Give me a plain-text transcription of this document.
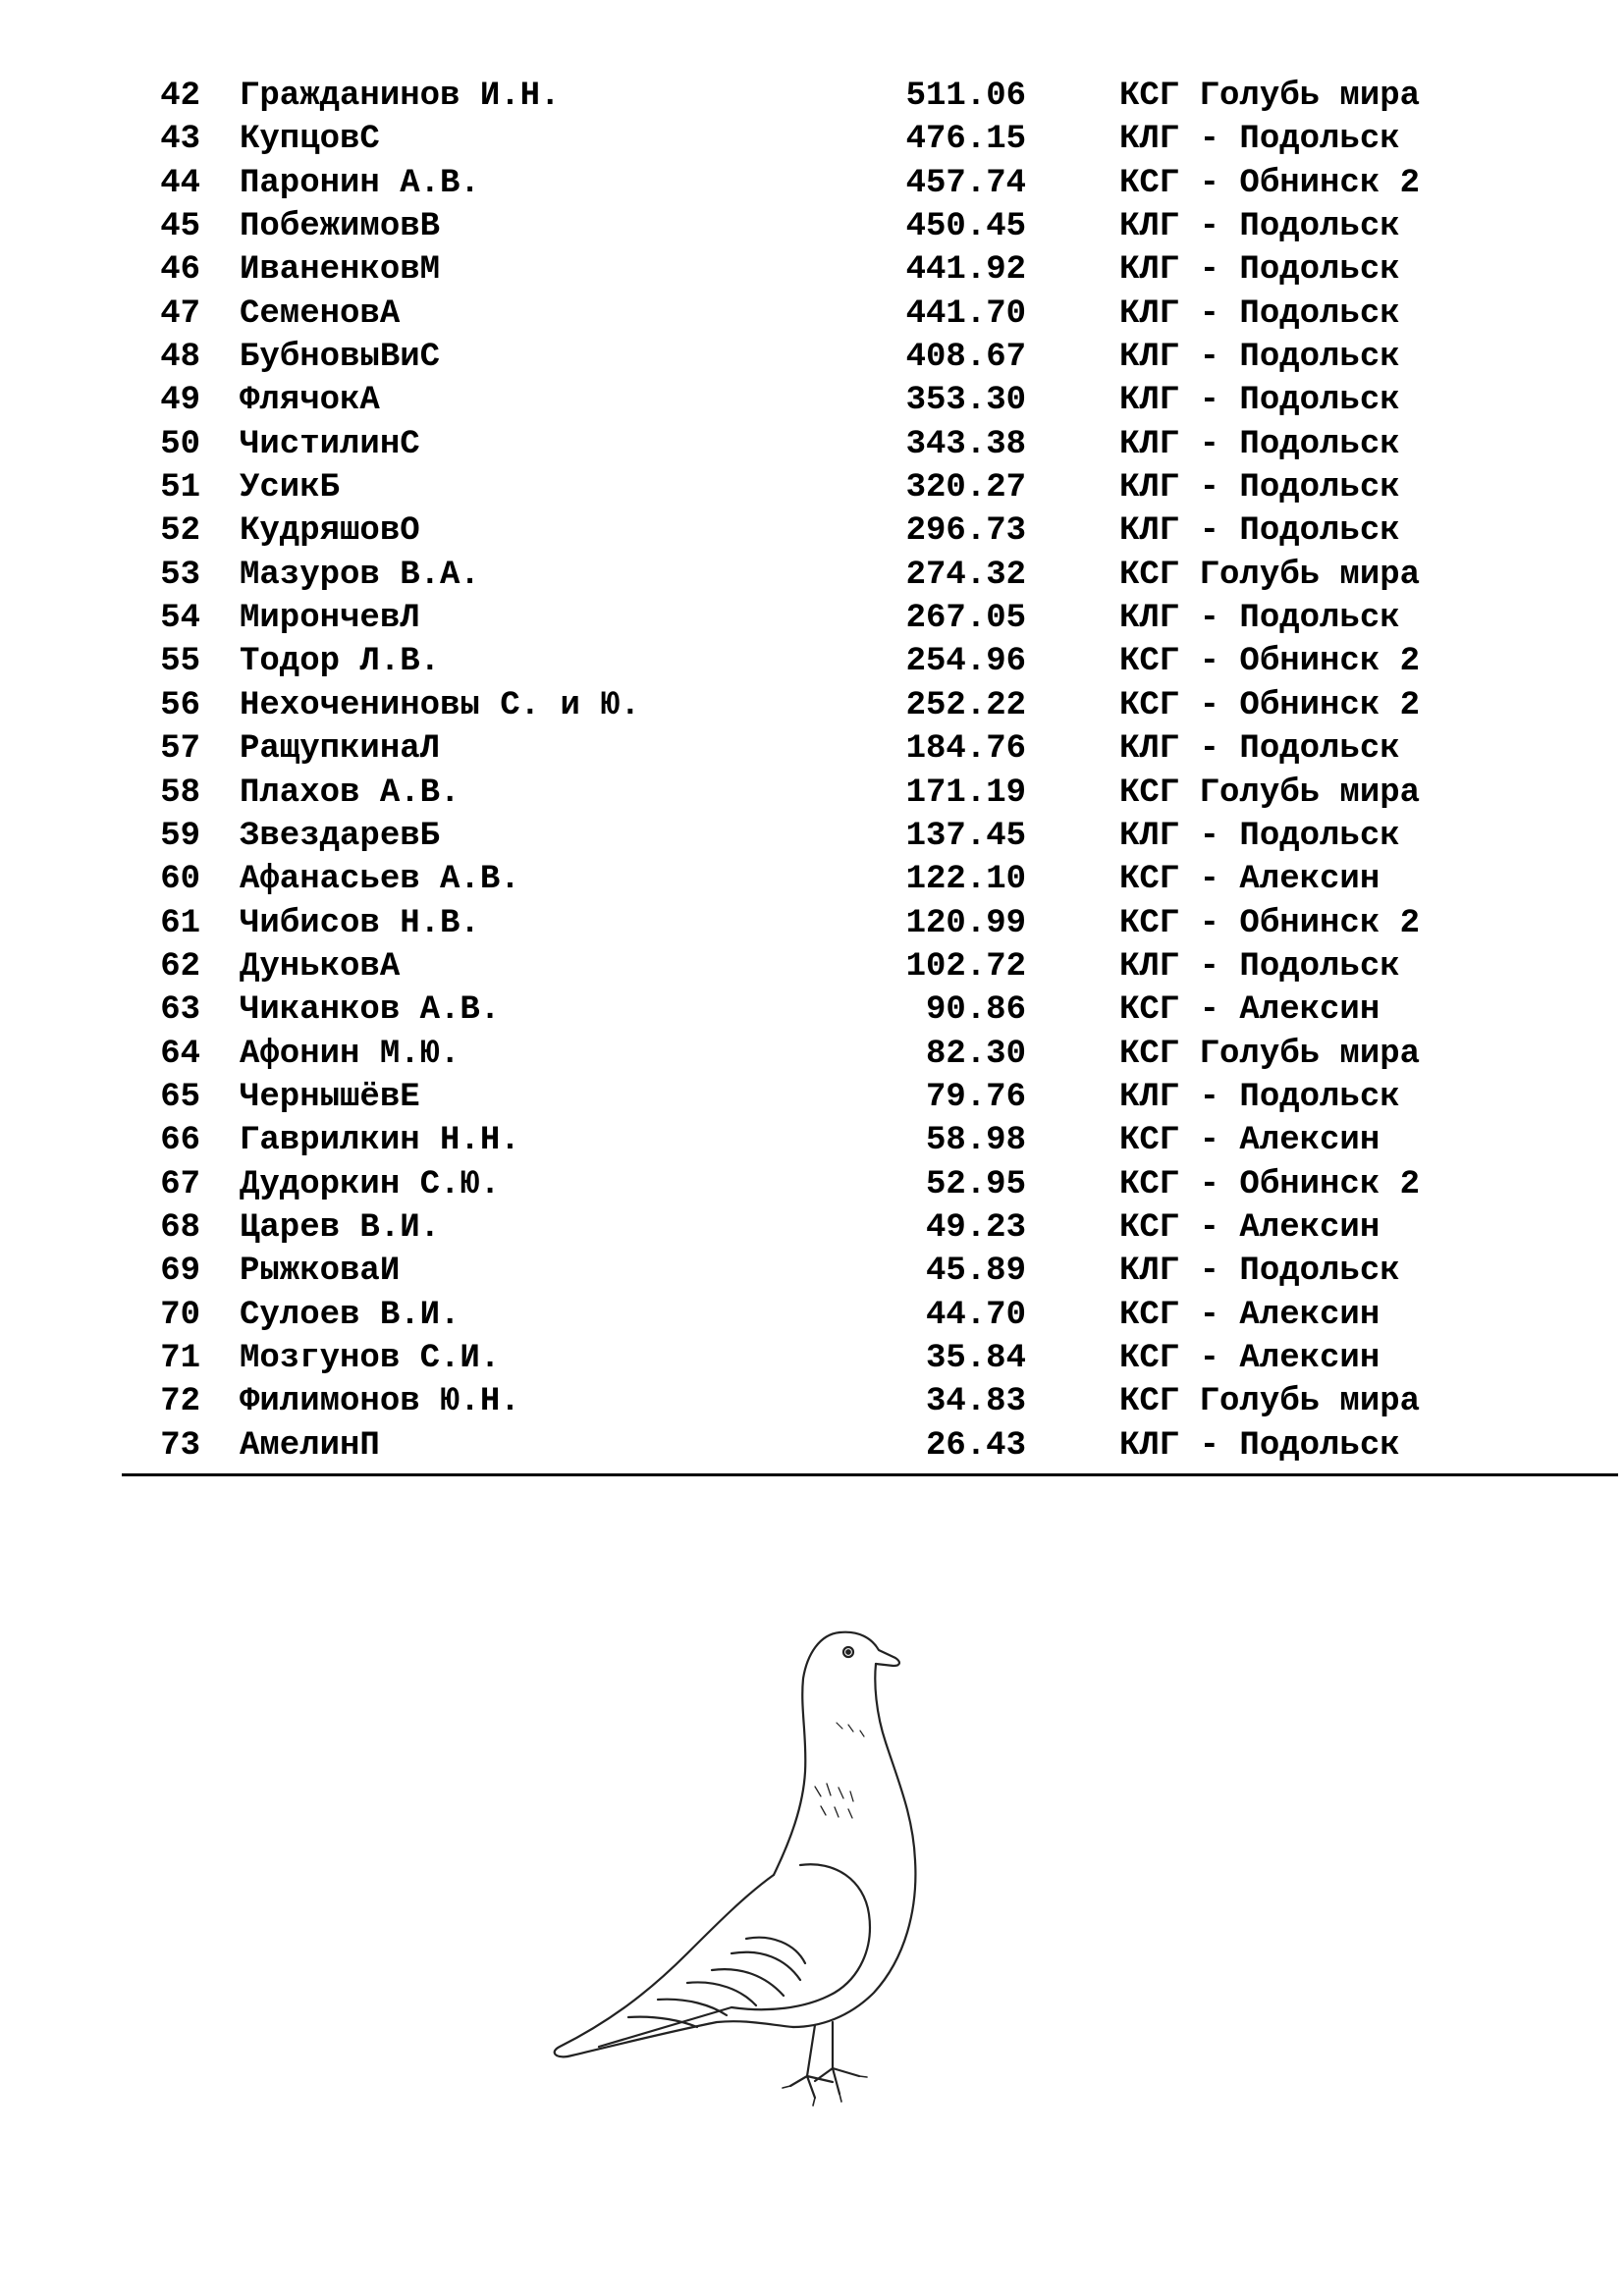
42 Гражданинов И.Н.	511.06	КСГ Голубь мира
43 КупцовС	476.15	КЛГ - Подольск
44 Паронин А.В.	457.74	КСГ - Обнинск 2
45 ПобежимовВ	450.45	КЛГ - Подольск
46 ИваненковМ	441.92	КЛГ - Подольск
47 СеменовА	441.70	КЛГ - Подольск
48 БубновыВиС	408.67	КЛГ - Подольск
49 ФлячокА	353.30	КЛГ - Подольск
50 ЧистилинС	343.38	КЛГ - Подольск
51 УсикБ	320.27	КЛГ - Подольск
52 КудряшовО	296.73	КЛГ - Подольск
53 Мазуров В.А.	274.32	КСГ Голубь мира
54 МирончевЛ	267.05	КЛГ - Подольск
55 Тодор Л.В.	254.96	КСГ - Обнинск 2
56 Нехочениновы С. и Ю.	252.22	КСГ - Обнинск 2
57 РащупкинаЛ	184.76	КЛГ - Подольск
58 Плахов А.В.	171.19	КСГ Голубь мира
59 ЗвездаревБ	137.45	КЛГ - Подольск
60 Афанасьев А.В.	122.10	КСГ - Алексин
61 Чибисов Н.В.	120.99	КСГ - Обнинск 2
62 ДуньковА	102.72	КЛГ - Подольск
63 Чиканков А.В.	90.86	КСГ - Алексин
64 Афонин М.Ю.	82.30	КСГ Голубь мира
65 ЧернышёвЕ	79.76	КЛГ - Подольск
66 Гаврилкин Н.Н.	58.98	КСГ - Алексин
67 Дудоркин С.Ю.	52.95	КСГ - Обнинск 2
68 Царев В.И.	49.23	КСГ - Алексин
69 РыжковаИ	45.89	КЛГ - Подольск
70 Сулоев В.И.	44.70	КСГ - Алексин
71 Мозгунов С.И.	35.84	КСГ - Алексин
72 Филимонов Ю.Н.	34.83	КСГ Голубь мира
73 АмелинП	26.43	КЛГ - Подольск
